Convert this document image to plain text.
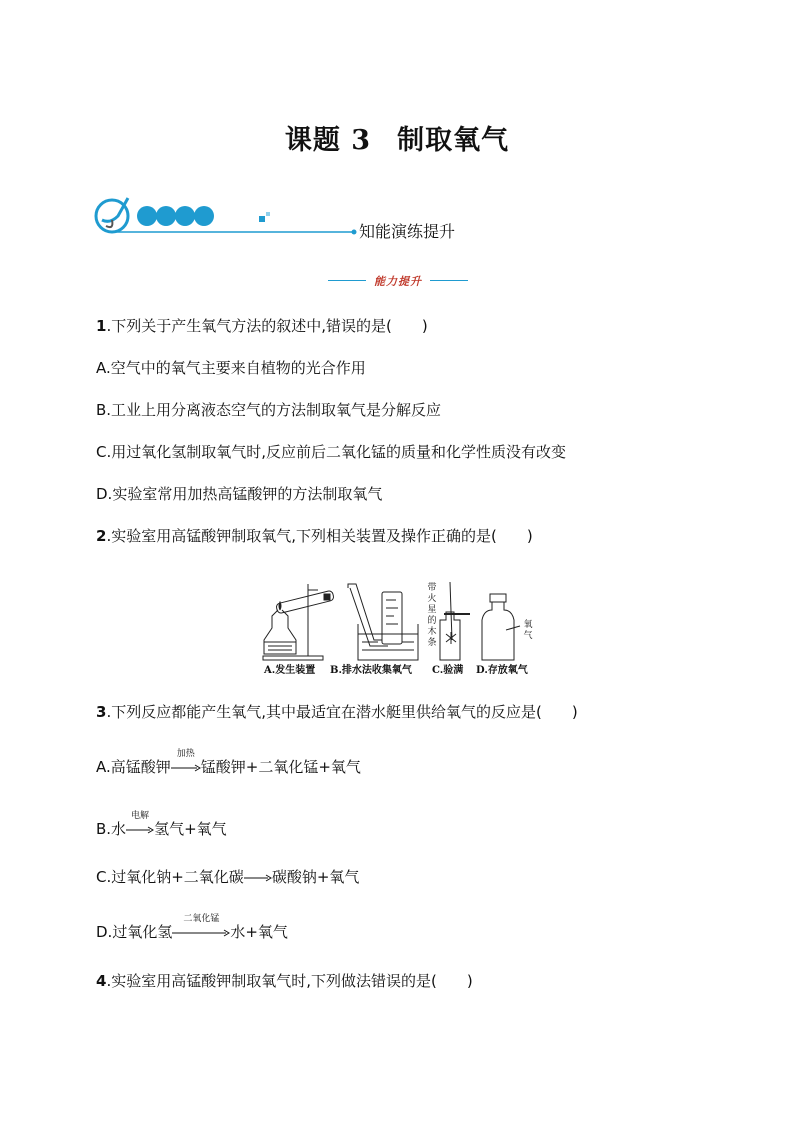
课题 3 制取氧气
知能演练提升
能力提升
1.下列关于产生氧气方法的叙述中,错误的是(　　)
A.空气中的氧气主要来自植物的光合作用
B.工业上用分离液态空气的方法制取氧气是分解反应
C.用过氧化氢制取氧气时,反应前后二氧化锰的质量和化学性质没有改变
D.实验室常用加热高锰酸钾的方法制取氧气
2.实验室用高锰酸钾制取氧气,下列相关装置及操作正确的是(　　)
带火星的木条
氧气
A.发生装置 B.排水法收集氧气 C.验满 D.存放氧气
3.下列反应都能产生氧气,其中最适宜在潜水艇里供给氧气的反应是(　　)
A.高锰酸钾
加热
锰酸钾+二氧化锰+氧气
B.水
电解
氢气+氧气
C.过氧化钠+二氧化碳 碳酸钠+氧气
D.过氧化氢
二氧化锰
水+氧气
4.实验室用高锰酸钾制取氧气时,下列做法错误的是(　　)
